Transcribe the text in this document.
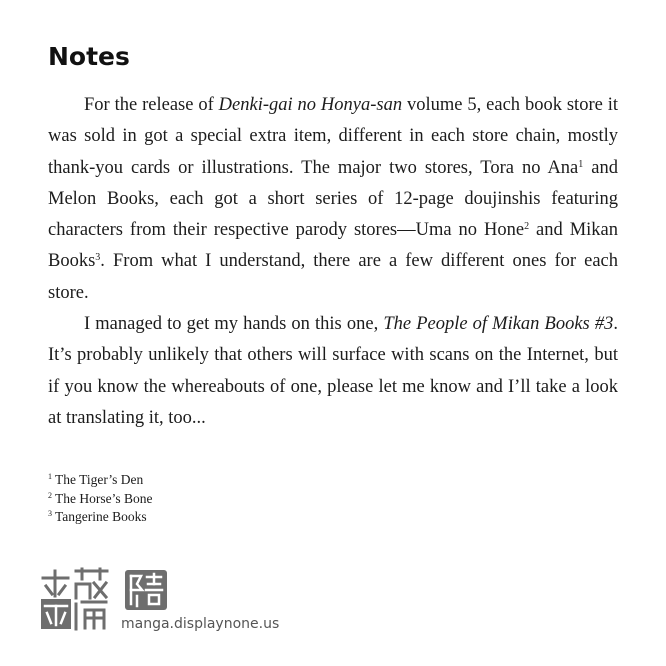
Notes

For the release of Denki-gai no Honya-san volume 5, each book store it was sold in got a special extra item, different in each store chain, mostly thank-you cards or illustrations. The major two stores, Tora no Ana$^1$ and Melon Books, each got a short series of 12-page doujinshis featuring characters from their respective parody stores—Uma no Hone$^2$ and Mikan Books$^3$. From what I understand, there are a few different ones for each store.

I managed to get my hands on this one, The People of Mikan Books #3. It’s probably unlikely that others will surface with scans on the Internet, but if you know the whereabouts of one, please let me know and I’ll take a look at translating it, too...

$^1$ The Tiger’s Den
$^2$ The Horse’s Bone
$^3$ Tangerine Books
manga.displaynone.us
